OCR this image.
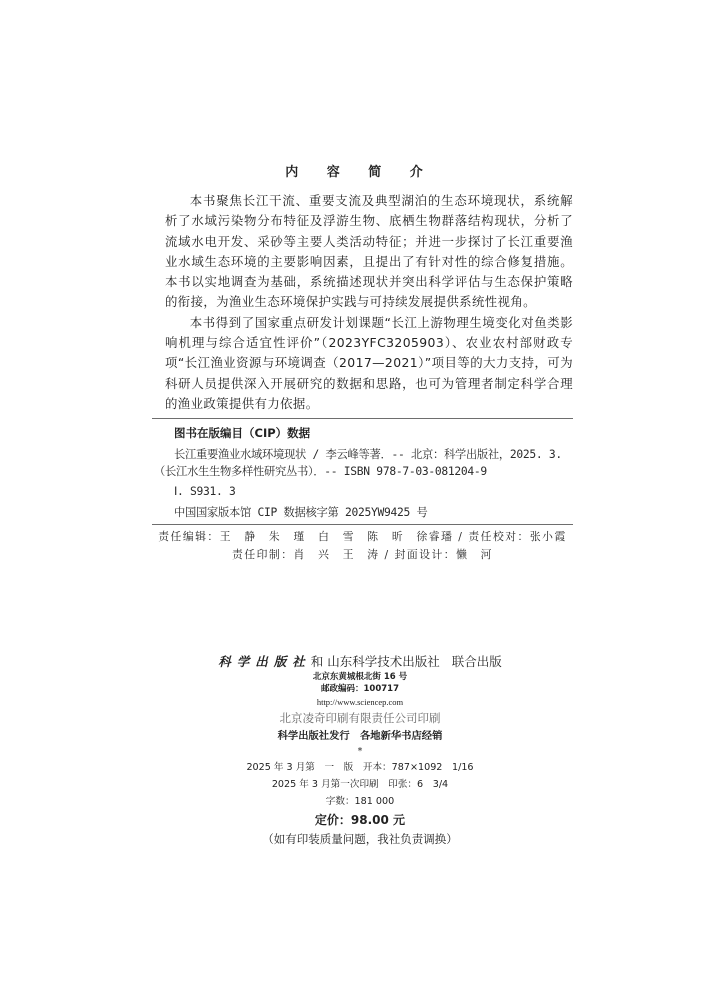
内 容 简 介

本书聚焦长江干流、重要支流及典型湖泊的生态环境现状，系统解析了水域污染物分布特征及浮游生物、底栖生物群落结构现状，分析了流域水电开发、采砂等主要人类活动特征；并进一步探讨了长江重要渔业水域生态环境的主要影响因素，且提出了有针对性的综合修复措施。本书以实地调查为基础，系统描述现状并突出科学评估与生态保护策略的衔接，为渔业生态环境保护实践与可持续发展提供系统性视角。

本书得到了国家重点研发计划课题“长江上游物理生境变化对鱼类影响机理与综合适宜性评价”（2023YFC3205903）、农业农村部财政专项“长江渔业资源与环境调查（2017—2021）”项目等的大力支持，可为科研人员提供深入开展研究的数据和思路，也可为管理者制定科学合理的渔业政策提供有力依据。

图书在版编目（CIP）数据
长江重要渔业水域环境现状 / 李云峰等著．-- 北京：科学出版社，2025. 3.
（长江水生生物多样性研究丛书）．-- ISBN 978-7-03-081204-9
Ⅰ. S931. 3
中国国家版本馆 CIP 数据核字第 2025YW9425 号
责任编辑：王　静　朱　瑾　白　雪　陈　昕　徐睿璠 / 责任校对：张小霞
责任印制：肖　兴　王　涛 / 封面设计：懒　河
科学出版社和 山东科学技术出版社 联合出版
北京东黄城根北街 16 号
邮政编码：100717
http://www.sciencep.com
北京凌奇印刷有限责任公司印刷
科学出版社发行　各地新华书店经销
*
2025 年 3 月第　一　版　开本：787×1092　1/16
2025 年 3 月第一次印刷　印张：6　3/4
字数：181 000
定价：98.00 元
（如有印装质量问题，我社负责调换）
